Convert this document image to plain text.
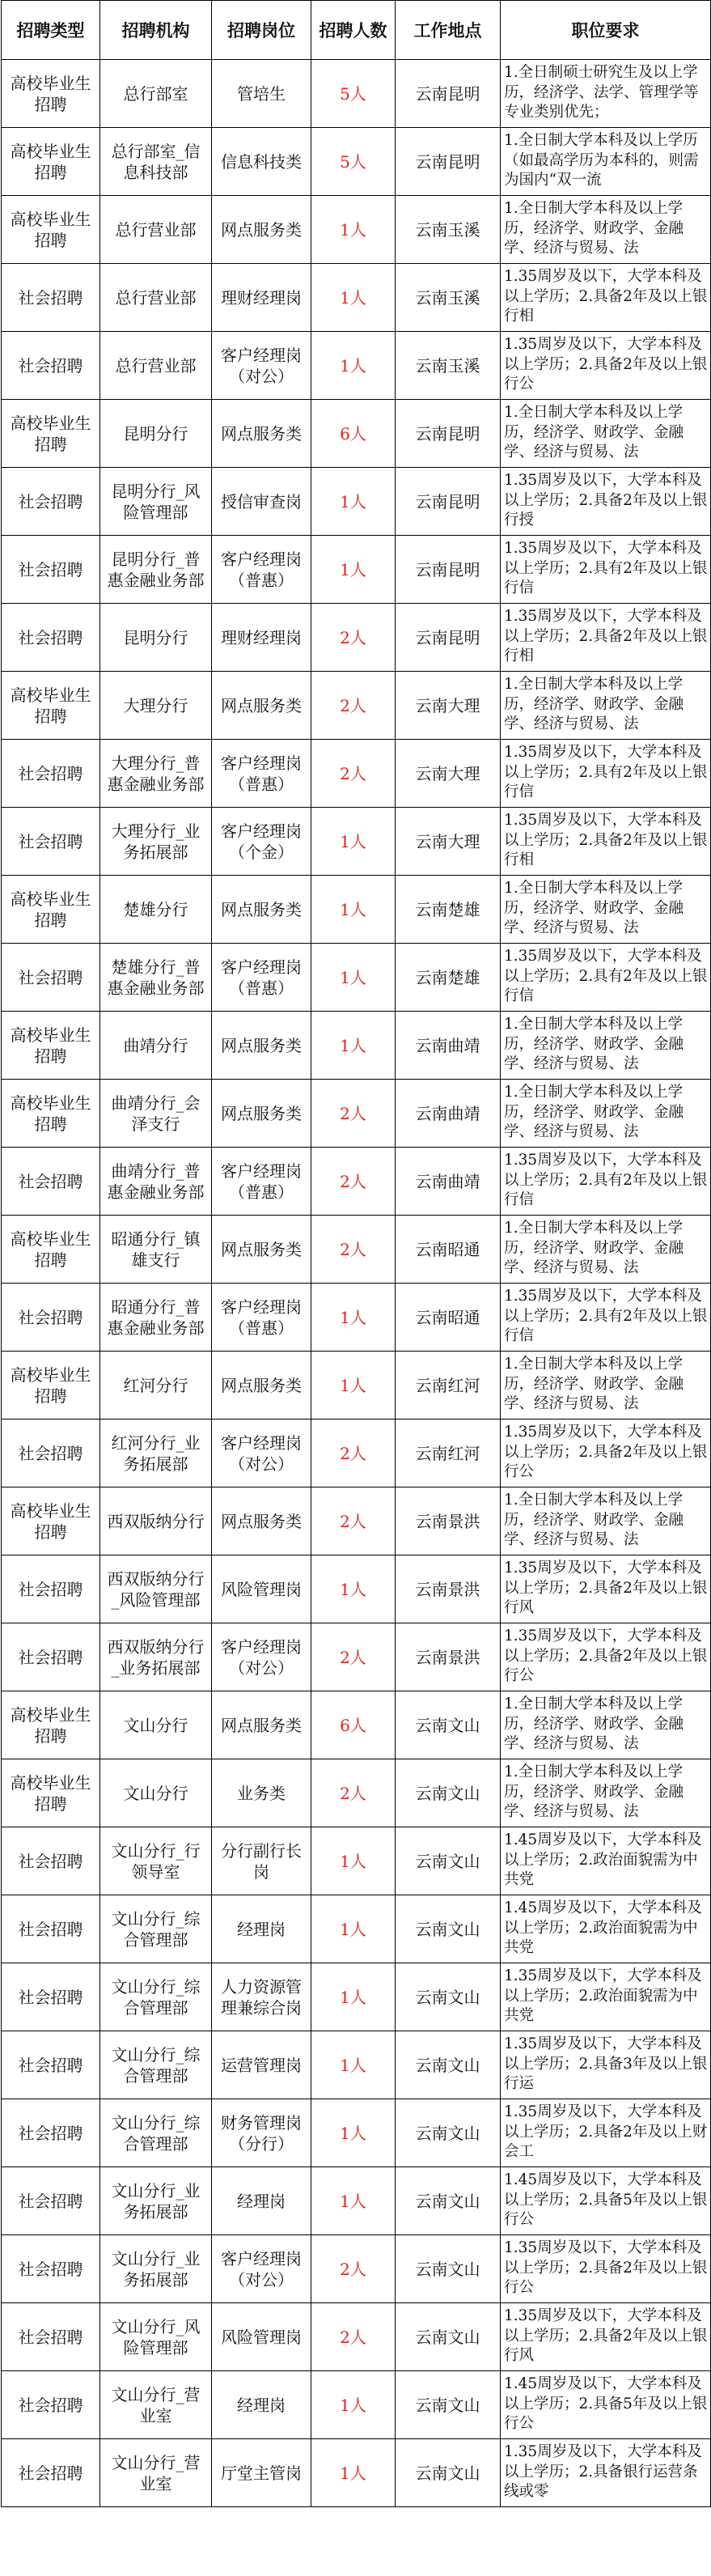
招聘类型	招聘机构	招聘岗位	招聘人数	工作地点	职位要求
高校毕业生招聘	总行部室	管培生	5人	云南昆明	1.全日制硕士研究生及以上学历，经济学、法学、管理学等专业类别优先；

高校毕业生招聘	总行部室_信息科技部	信息科技类	5人	云南昆明	1.全日制大学本科及以上学历（如最高学历为本科的，则需为国内“双一流

高校毕业生招聘	总行营业部	网点服务类	1人	云南玉溪	1.全日制大学本科及以上学历，经济学、财政学、金融学、经济与贸易、法

社会招聘	总行营业部	理财经理岗	1人	云南玉溪	1.35周岁及以下，大学本科及以上学历；2.具备2年及以上银行相

社会招聘	总行营业部	客户经理岗（对公）	1人	云南玉溪	1.35周岁及以下，大学本科及以上学历；2.具备2年及以上银行公

高校毕业生招聘	昆明分行	网点服务类	6人	云南昆明	1.全日制大学本科及以上学历，经济学、财政学、金融学、经济与贸易、法

社会招聘	昆明分行_风险管理部	授信审查岗	1人	云南昆明	1.35周岁及以下，大学本科及以上学历；2.具备2年及以上银行授

社会招聘	昆明分行_普惠金融业务部	客户经理岗（普惠）	1人	云南昆明	1.35周岁及以下，大学本科及以上学历；2.具有2年及以上银行信

社会招聘	昆明分行	理财经理岗	2人	云南昆明	1.35周岁及以下，大学本科及以上学历；2.具备2年及以上银行相

高校毕业生招聘	大理分行	网点服务类	2人	云南大理	1.全日制大学本科及以上学历，经济学、财政学、金融学、经济与贸易、法

社会招聘	大理分行_普惠金融业务部	客户经理岗（普惠）	2人	云南大理	1.35周岁及以下，大学本科及以上学历；2.具有2年及以上银行信

社会招聘	大理分行_业务拓展部	客户经理岗（个金）	1人	云南大理	1.35周岁及以下，大学本科及以上学历；2.具备2年及以上银行相

高校毕业生招聘	楚雄分行	网点服务类	1人	云南楚雄	1.全日制大学本科及以上学历，经济学、财政学、金融学、经济与贸易、法

社会招聘	楚雄分行_普惠金融业务部	客户经理岗（普惠）	1人	云南楚雄	1.35周岁及以下，大学本科及以上学历；2.具有2年及以上银行信

高校毕业生招聘	曲靖分行	网点服务类	1人	云南曲靖	1.全日制大学本科及以上学历，经济学、财政学、金融学、经济与贸易、法

高校毕业生招聘	曲靖分行_会泽支行	网点服务类	2人	云南曲靖	1.全日制大学本科及以上学历，经济学、财政学、金融学、经济与贸易、法

社会招聘	曲靖分行_普惠金融业务部	客户经理岗（普惠）	2人	云南曲靖	1.35周岁及以下，大学本科及以上学历；2.具有2年及以上银行信

高校毕业生招聘	昭通分行_镇雄支行	网点服务类	2人	云南昭通	1.全日制大学本科及以上学历，经济学、财政学、金融学、经济与贸易、法

社会招聘	昭通分行_普惠金融业务部	客户经理岗（普惠）	1人	云南昭通	1.35周岁及以下，大学本科及以上学历；2.具有2年及以上银行信

高校毕业生招聘	红河分行	网点服务类	1人	云南红河	1.全日制大学本科及以上学历，经济学、财政学、金融学、经济与贸易、法

社会招聘	红河分行_业务拓展部	客户经理岗（对公）	2人	云南红河	1.35周岁及以下，大学本科及以上学历；2.具备2年及以上银行公

高校毕业生招聘	西双版纳分行	网点服务类	2人	云南景洪	1.全日制大学本科及以上学历，经济学、财政学、金融学、经济与贸易、法

社会招聘	西双版纳分行_风险管理部	风险管理岗	1人	云南景洪	1.35周岁及以下，大学本科及以上学历；2.具备2年及以上银行风

社会招聘	西双版纳分行_业务拓展部	客户经理岗（对公）	2人	云南景洪	1.35周岁及以下，大学本科及以上学历；2.具备2年及以上银行公

高校毕业生招聘	文山分行	网点服务类	6人	云南文山	1.全日制大学本科及以上学历，经济学、财政学、金融学、经济与贸易、法

高校毕业生招聘	文山分行	业务类	2人	云南文山	1.全日制大学本科及以上学历，经济学、财政学、金融学、经济与贸易、法

社会招聘	文山分行_行领导室	分行副行长岗	1人	云南文山	1.45周岁及以下，大学本科及以上学历；2.政治面貌需为中共党

社会招聘	文山分行_综合管理部	经理岗	1人	云南文山	1.45周岁及以下，大学本科及以上学历；2.政治面貌需为中共党

社会招聘	文山分行_综合管理部	人力资源管理兼综合岗	1人	云南文山	1.35周岁及以下，大学本科及以上学历；2.政治面貌需为中共党

社会招聘	文山分行_综合管理部	运营管理岗	1人	云南文山	1.35周岁及以下，大学本科及以上学历；2.具备3年及以上银行运

社会招聘	文山分行_综合管理部	财务管理岗（分行）	1人	云南文山	1.35周岁及以下，大学本科及以上学历；2.具备2年及以上财会工

社会招聘	文山分行_业务拓展部	经理岗	1人	云南文山	1.45周岁及以下，大学本科及以上学历；2.具备5年及以上银行公

社会招聘	文山分行_业务拓展部	客户经理岗（对公）	2人	云南文山	1.35周岁及以下，大学本科及以上学历；2.具备2年及以上银行公

社会招聘	文山分行_风险管理部	风险管理岗	2人	云南文山	1.35周岁及以下，大学本科及以上学历；2.具备2年及以上银行风

社会招聘	文山分行_营业室	经理岗	1人	云南文山	1.45周岁及以下，大学本科及以上学历；2.具备5年及以上银行公

社会招聘	文山分行_营业室	厅堂主管岗	1人	云南文山	1.35周岁及以下，大学本科及以上学历；2.具备银行运营条线或零
